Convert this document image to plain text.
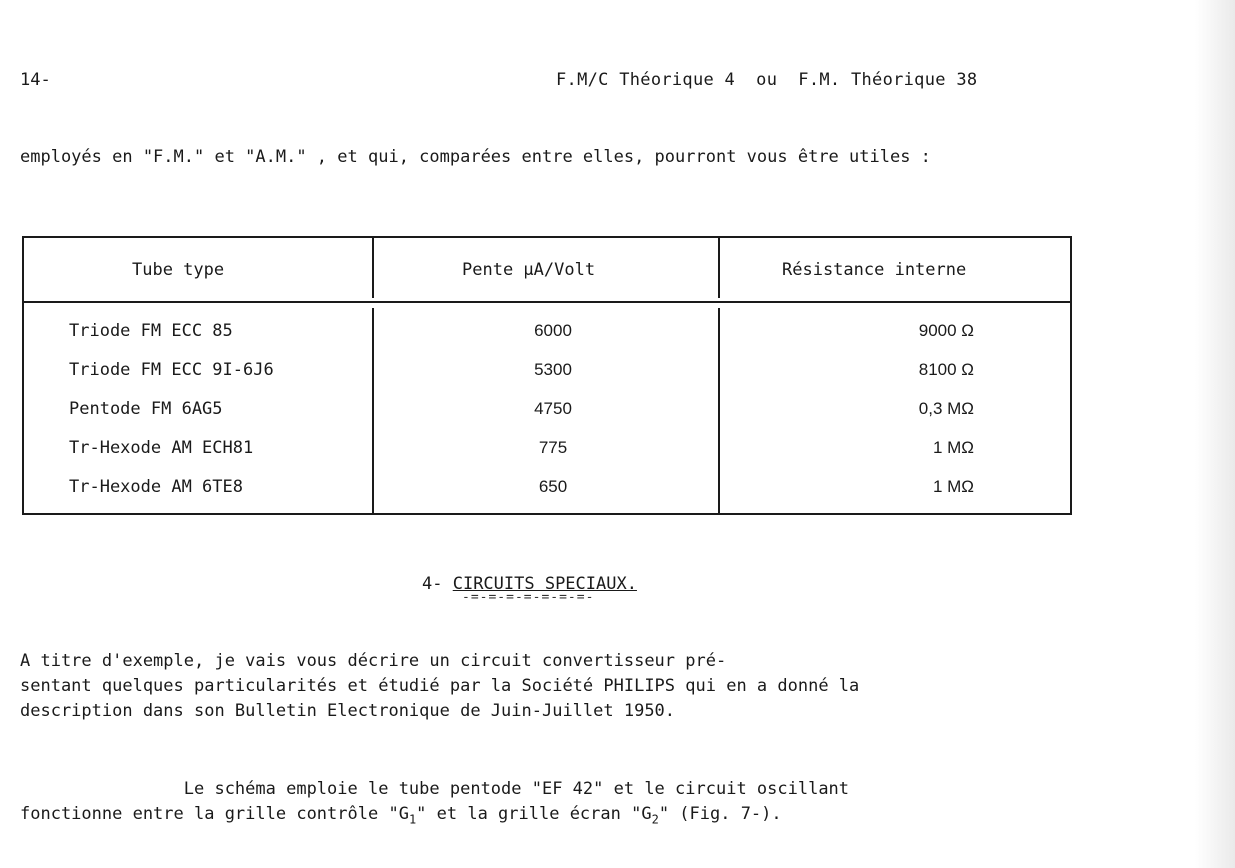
14-	F.M/C Théorique 4  ou  F.M. Théorique 38
employés en "F.M." et "A.M." , et qui, comparées entre elles, pourront vous être utiles :
Tube type	Pente µA/Volt	Résistance interne
Triode FM ECC 85	6000	9000 Ω
Triode FM ECC 9I-6J6	5300	8100 Ω
Pentode FM 6AG5	4750	0,3 MΩ
Tr-Hexode AM ECH81	775	1 MΩ
Tr-Hexode AM 6TE8	650	1 MΩ
4- CIRCUITS SPECIAUX.
-=-=-=-=-=-=-=-
A titre d'exemple, je vais vous décrire un circuit convertisseur pré-
sentant quelques particularités et étudié par la Société PHILIPS qui en a donné la
description dans son Bulletin Electronique de Juin-Juillet 1950.
Le schéma emploie le tube pentode "EF 42" et le circuit oscillant
fonctionne entre la grille contrôle "$G_1$" et la grille écran "$G_2$" (Fig. 7-).
